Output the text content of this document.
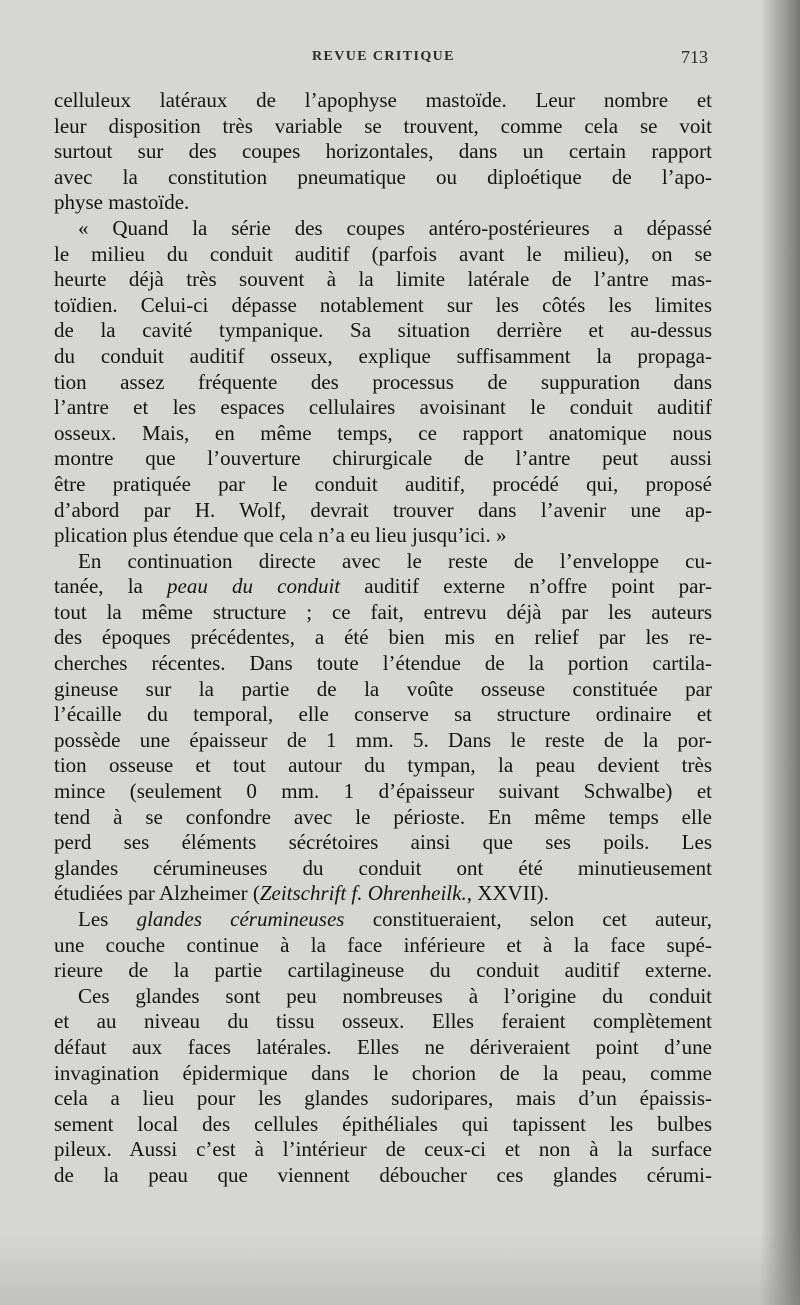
REVUE CRITIQUE	713
celluleux latéraux de l’apophyse mastoïde. Leur nombre et
leur disposition très variable se trouvent, comme cela se voit
surtout sur des coupes horizontales, dans un certain rapport
avec la constitution pneumatique ou diploétique de l’apo-
physe mastoïde.
« Quand la série des coupes antéro-postérieures a dépassé
le milieu du conduit auditif (parfois avant le milieu), on se
heurte déjà très souvent à la limite latérale de l’antre mas-
toïdien. Celui-ci dépasse notablement sur les côtés les limites
de la cavité tympanique. Sa situation derrière et au-dessus
du conduit auditif osseux, explique suffisamment la propaga-
tion assez fréquente des processus de suppuration dans
l’antre et les espaces cellulaires avoisinant le conduit auditif
osseux. Mais, en même temps, ce rapport anatomique nous
montre que l’ouverture chirurgicale de l’antre peut aussi
être pratiquée par le conduit auditif, procédé qui, proposé
d’abord par H. Wolf, devrait trouver dans l’avenir une ap-
plication plus étendue que cela n’a eu lieu jusqu’ici. »
En continuation directe avec le reste de l’enveloppe cu-
tanée, la peau du conduit auditif externe n’offre point par-
tout la même structure ; ce fait, entrevu déjà par les auteurs
des époques précédentes, a été bien mis en relief par les re-
cherches récentes. Dans toute l’étendue de la portion cartila-
gineuse sur la partie de la voûte osseuse constituée par
l’écaille du temporal, elle conserve sa structure ordinaire et
possède une épaisseur de 1 mm. 5. Dans le reste de la por-
tion osseuse et tout autour du tympan, la peau devient très
mince (seulement 0 mm. 1 d’épaisseur suivant Schwalbe) et
tend à se confondre avec le périoste. En même temps elle
perd ses éléments sécrétoires ainsi que ses poils. Les
glandes cérumineuses du conduit ont été minutieusement
étudiées par Alzheimer (Zeitschrift f. Ohrenheilk., XXVII).
Les glandes cérumineuses constitueraient, selon cet auteur,
une couche continue à la face inférieure et à la face supé-
rieure de la partie cartilagineuse du conduit auditif externe.
Ces glandes sont peu nombreuses à l’origine du conduit
et au niveau du tissu osseux. Elles feraient complètement
défaut aux faces latérales. Elles ne dériveraient point d’une
invagination épidermique dans le chorion de la peau, comme
cela a lieu pour les glandes sudoripares, mais d’un épaissis-
sement local des cellules épithéliales qui tapissent les bulbes
pileux. Aussi c’est à l’intérieur de ceux-ci et non à la surface
de la peau que viennent déboucher ces glandes cérumi-
